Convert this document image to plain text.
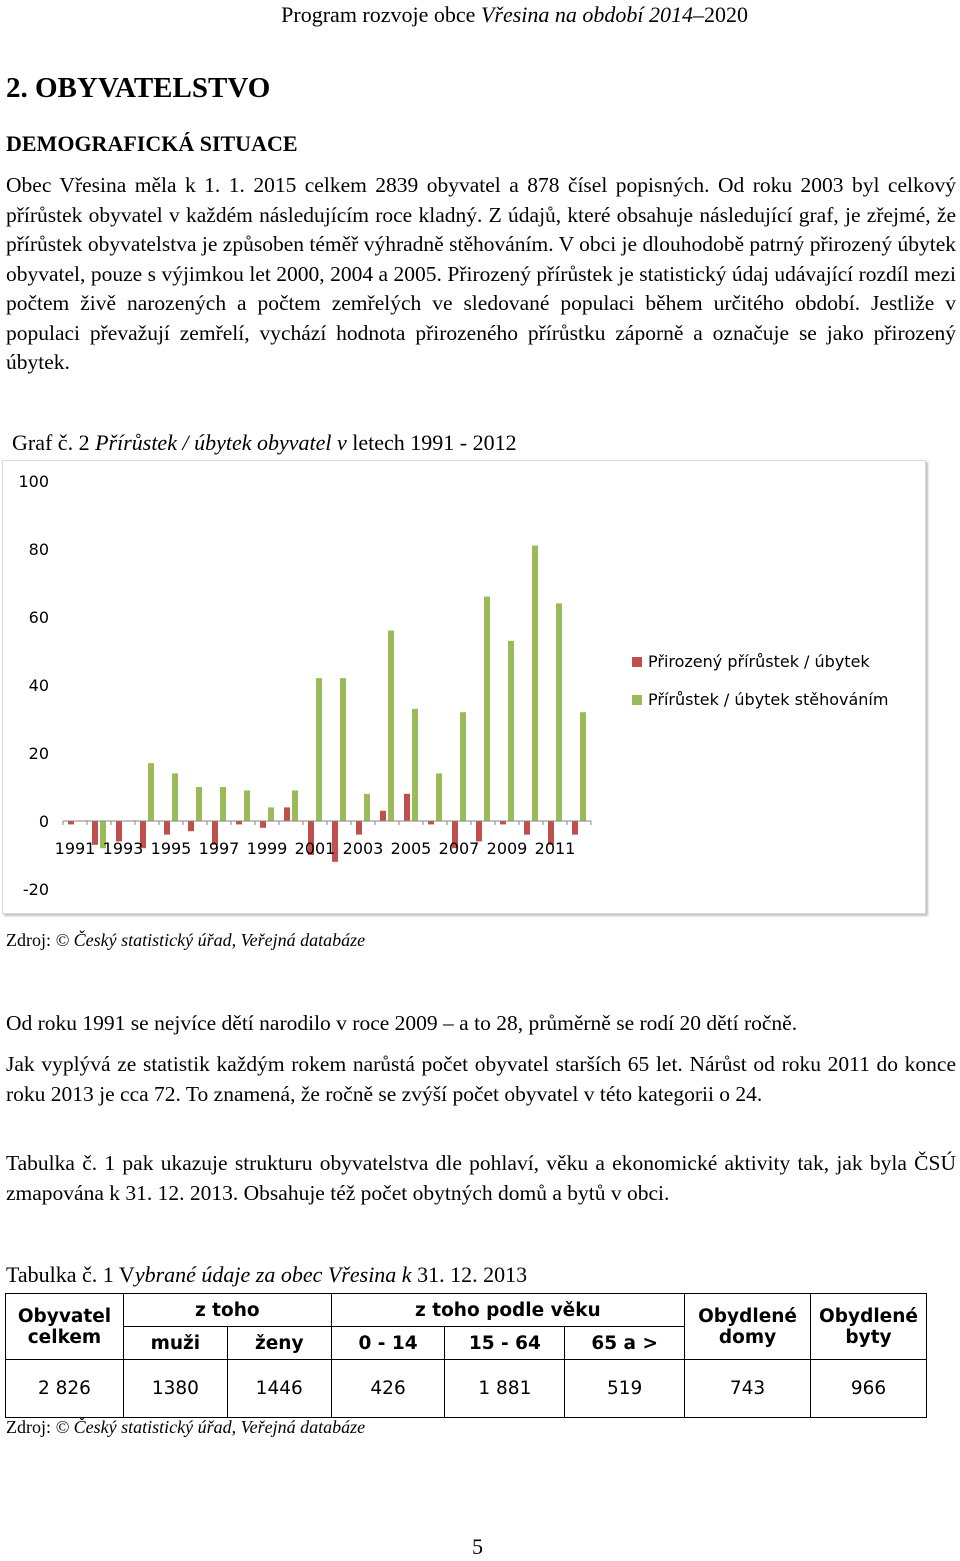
Program rozvoje obce Vřesina na období 2014–2020
2. OBYVATELSTVO
DEMOGRAFICKÁ SITUACE

Obec Vřesina měla k 1. 1. 2015 celkem 2839 obyvatel a 878 čísel popisných. Od roku 2003 byl celkový přírůstek obyvatel v každém následujícím roce kladný. Z údajů, které obsahuje následující graf, je zřejmé, že přírůstek obyvatelstva je způsoben téměř výhradně stěhováním. V obci je dlouhodobě patrný přirozený úbytek obyvatel, pouze s výjimkou let 2000, 2004 a 2005. Přirozený přírůstek je statistický údaj udávající rozdíl mezi počtem živě narozených a počtem zemřelých ve sledované populaci během určitého období. Jestliže v populaci převažují zemřelí, vychází hodnota přirozeného přírůstku záporně a označuje se jako přirozený úbytek.

Graf č. 2 Přírůstek / úbytek obyvatel v letech 1991 - 2012
100
80
60
40
20
0
-20
1991 1993 1995 1997 1999 2001 2003 2005 2007 2009 2011
Přirozený přírůstek / úbytek
Přírůstek / úbytek stěhováním
Zdroj: © Český statistický úřad, Veřejná databáze

Od roku 1991 se nejvíce dětí narodilo v roce 2009 – a to 28, průměrně se rodí 20 dětí ročně.

Jak vyplývá ze statistik každým rokem narůstá počet obyvatel starších 65 let. Nárůst od roku 2011 do konce roku 2013 je cca 72. To znamená, že ročně se zvýší počet obyvatel v této kategorii o 24.

Tabulka č. 1 pak ukazuje strukturu obyvatelstva dle pohlaví, věku a ekonomické aktivity tak, jak byla ČSÚ zmapována k 31. 12. 2013. Obsahuje též počet obytných domů a bytů v obci.

Tabulka č. 1 Vybrané údaje za obec Vřesina k 31. 12. 2013
Obyvatel celkem	z toho		z toho podle věku			Obydlené domy	Obydlené byty
	muži	ženy	0 - 14	15 - 64	65 a >		
2 826	1380	1446	426	1 881	519	743	966
Zdroj: © Český statistický úřad, Veřejná databáze
5
